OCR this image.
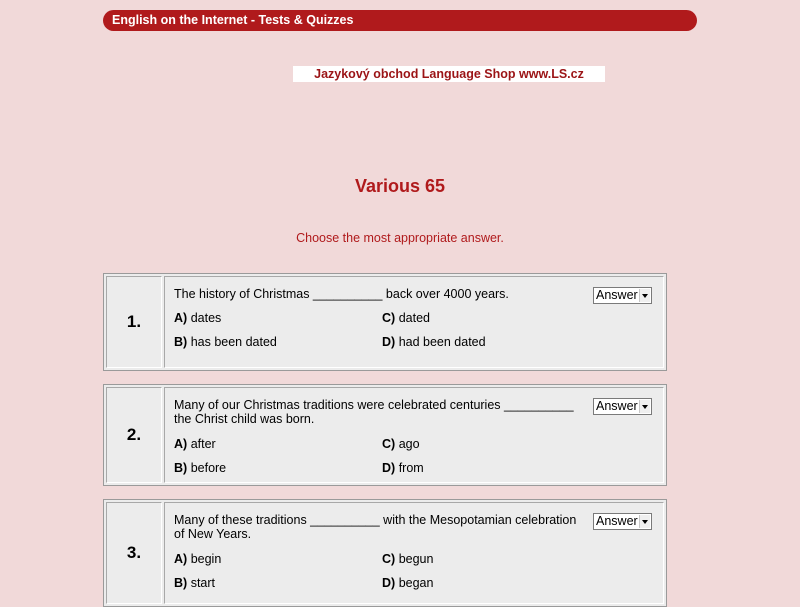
English on the Internet - Tests & Quizzes
Jazykový obchod Language Shop www.LS.cz
Various 65
Choose the most appropriate answer.
1.
The history of Christmas __________ back over 4000 years.	Answer
A) dates	C) dated
B) has been dated	D) had been dated
2.
Many of our Christmas traditions were celebrated centuries __________ the Christ child was born.
Answer
A) after	C) ago
B) before	D) from
3.
Many of these traditions __________ with the Mesopotamian celebration of New Years.
Answer
A) begin	C) begun
B) start	D) began
